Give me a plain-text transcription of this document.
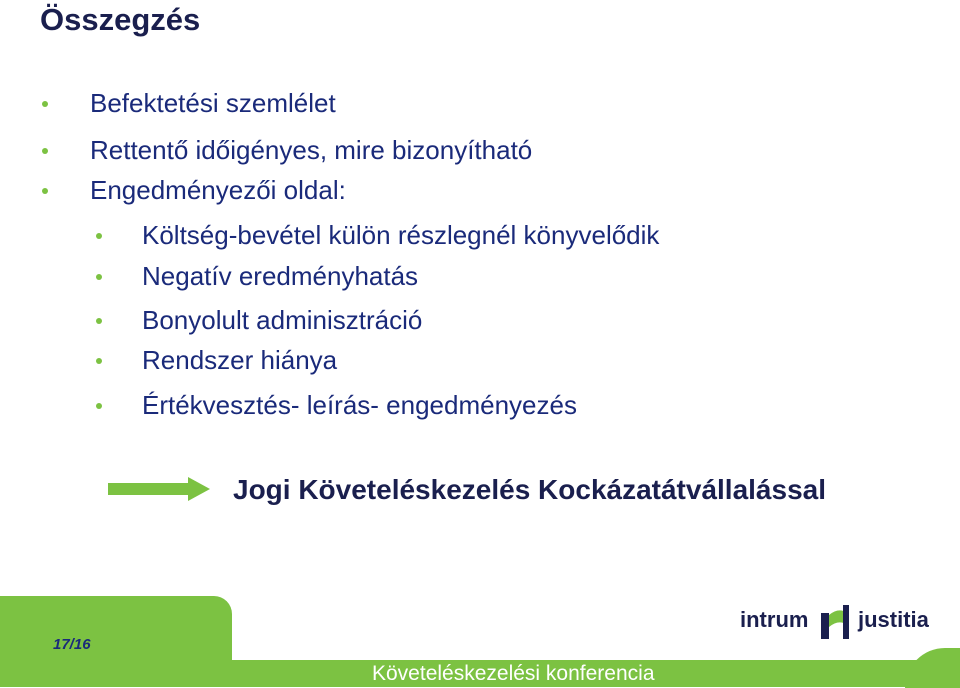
Összegzés
Befektetési szemlélet
Rettentő időigényes, mire bizonyítható
Engedményezői oldal:
Költség-bevétel külön részlegnél könyvelődik
Negatív eredményhatás
Bonyolult adminisztráció
Rendszer hiánya
Értékvesztés- leírás- engedményezés
Jogi Követeléskezelés Kockázatátvállalással
17/16
Követeléskezelési konferencia
intrum justitia
